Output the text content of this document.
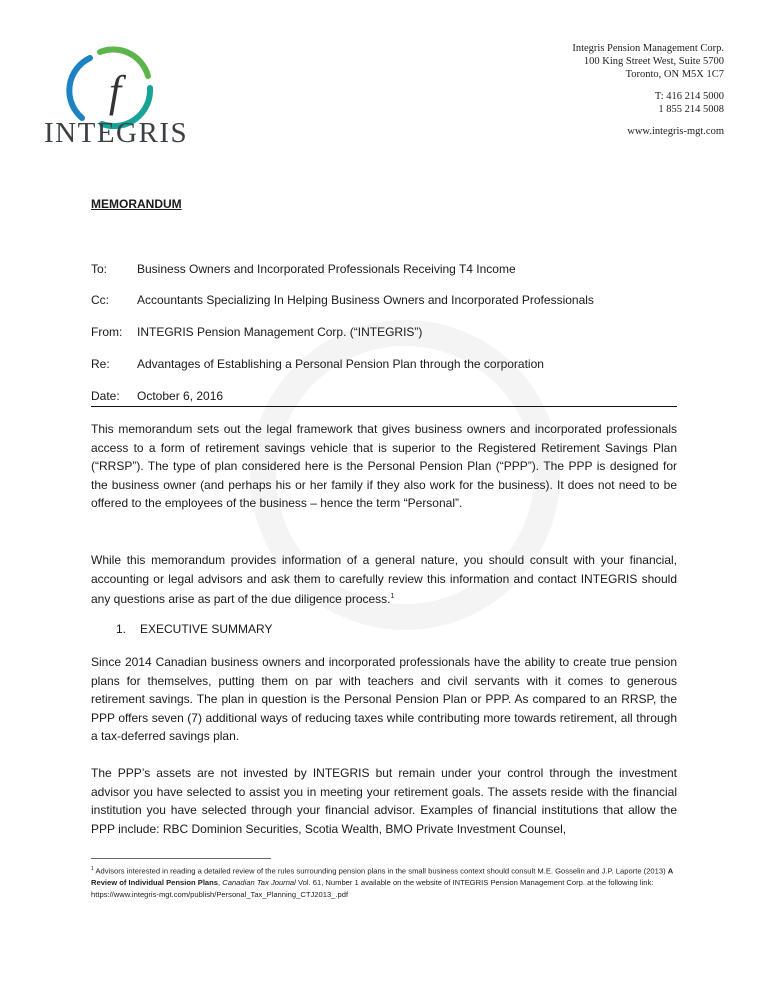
f
INTEGRIS
Integris Pension Management Corp.
100 King Street West, Suite 5700
Toronto, ON M5X 1C7
T: 416 214 5000
1 855 214 5008
www.integris-mgt.com
MEMORANDUM
To: Business Owners and Incorporated Professionals Receiving T4 Income
Cc: Accountants Specializing In Helping Business Owners and Incorporated Professionals
From: INTEGRIS Pension Management Corp. (“INTEGRIS”)
Re: Advantages of Establishing a Personal Pension Plan through the corporation
Date: October 6, 2016
This memorandum sets out the legal framework that gives business owners and incorporated professionals access to a form of retirement savings vehicle that is superior to the Registered Retirement Savings Plan (“RRSP”). The type of plan considered here is the Personal Pension Plan (“PPP”). The PPP is designed for the business owner (and perhaps his or her family if they also work for the business). It does not need to be offered to the employees of the business – hence the term “Personal”.
While this memorandum provides information of a general nature, you should consult with your financial, accounting or legal advisors and ask them to carefully review this information and contact INTEGRIS should any questions arise as part of the due diligence process.$^1$
1. EXECUTIVE SUMMARY
Since 2014 Canadian business owners and incorporated professionals have the ability to create true pension plans for themselves, putting them on par with teachers and civil servants with it comes to generous retirement savings. The plan in question is the Personal Pension Plan or PPP. As compared to an RRSP, the PPP offers seven (7) additional ways of reducing taxes while contributing more towards retirement, all through a tax-deferred savings plan.
The PPP’s assets are not invested by INTEGRIS but remain under your control through the investment advisor you have selected to assist you in meeting your retirement goals. The assets reside with the financial institution you have selected through your financial advisor. Examples of financial institutions that allow the PPP include: RBC Dominion Securities, Scotia Wealth, BMO Private Investment Counsel,
$^1$ Advisors interested in reading a detailed review of the rules surrounding pension plans in the small business context should consult M.E. Gosselin and J.P. Laporte (2013) A Review of Individual Pension Plans, Canadian Tax Journal Vol. 61, Number 1 available on the website of INTEGRIS Pension Management Corp. at the following link: https://www.integris-mgt.com/publish/Personal_Tax_Planning_CTJ2013_.pdf
